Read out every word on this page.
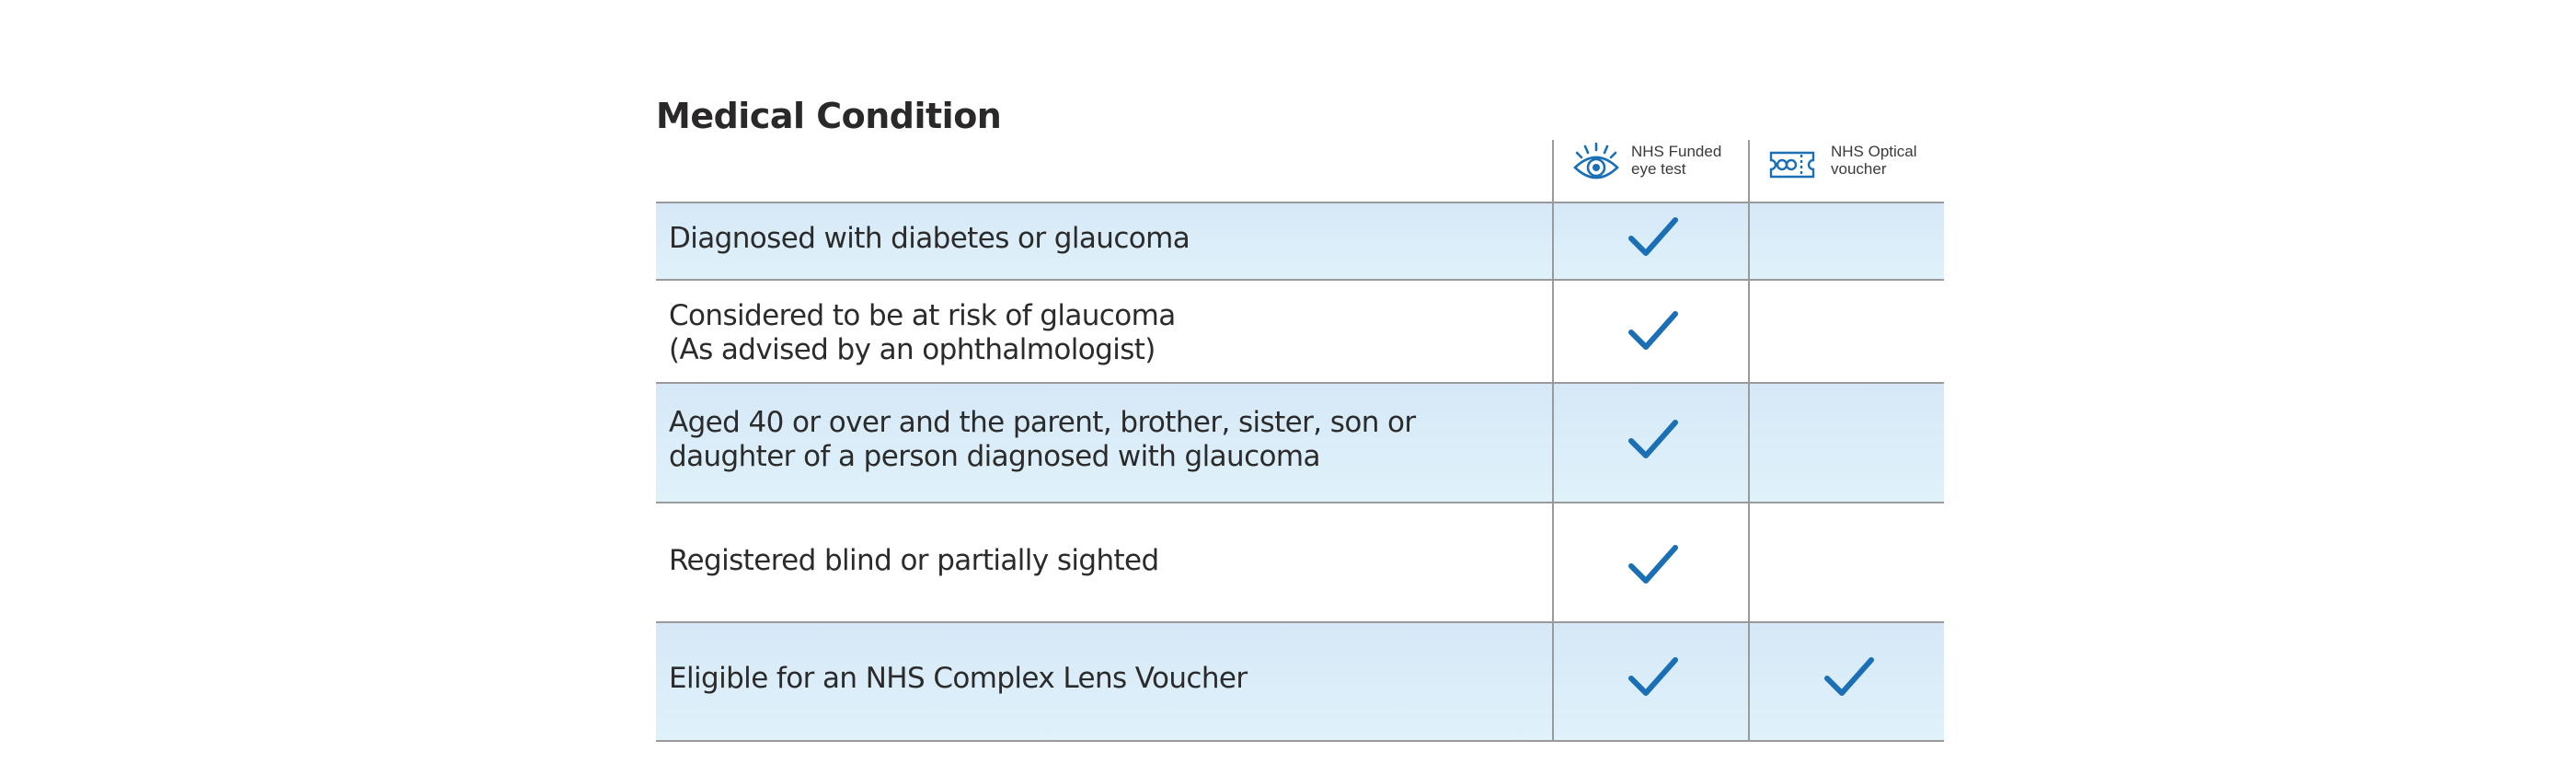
Medical Condition
NHS Funded
eye test
NHS Optical
voucher
Diagnosed with diabetes or glaucoma
Considered to be at risk of glaucoma
(As advised by an ophthalmologist)
Aged 40 or over and the parent, brother, sister, son or
daughter of a person diagnosed with glaucoma
Registered blind or partially sighted
Eligible for an NHS Complex Lens Voucher
